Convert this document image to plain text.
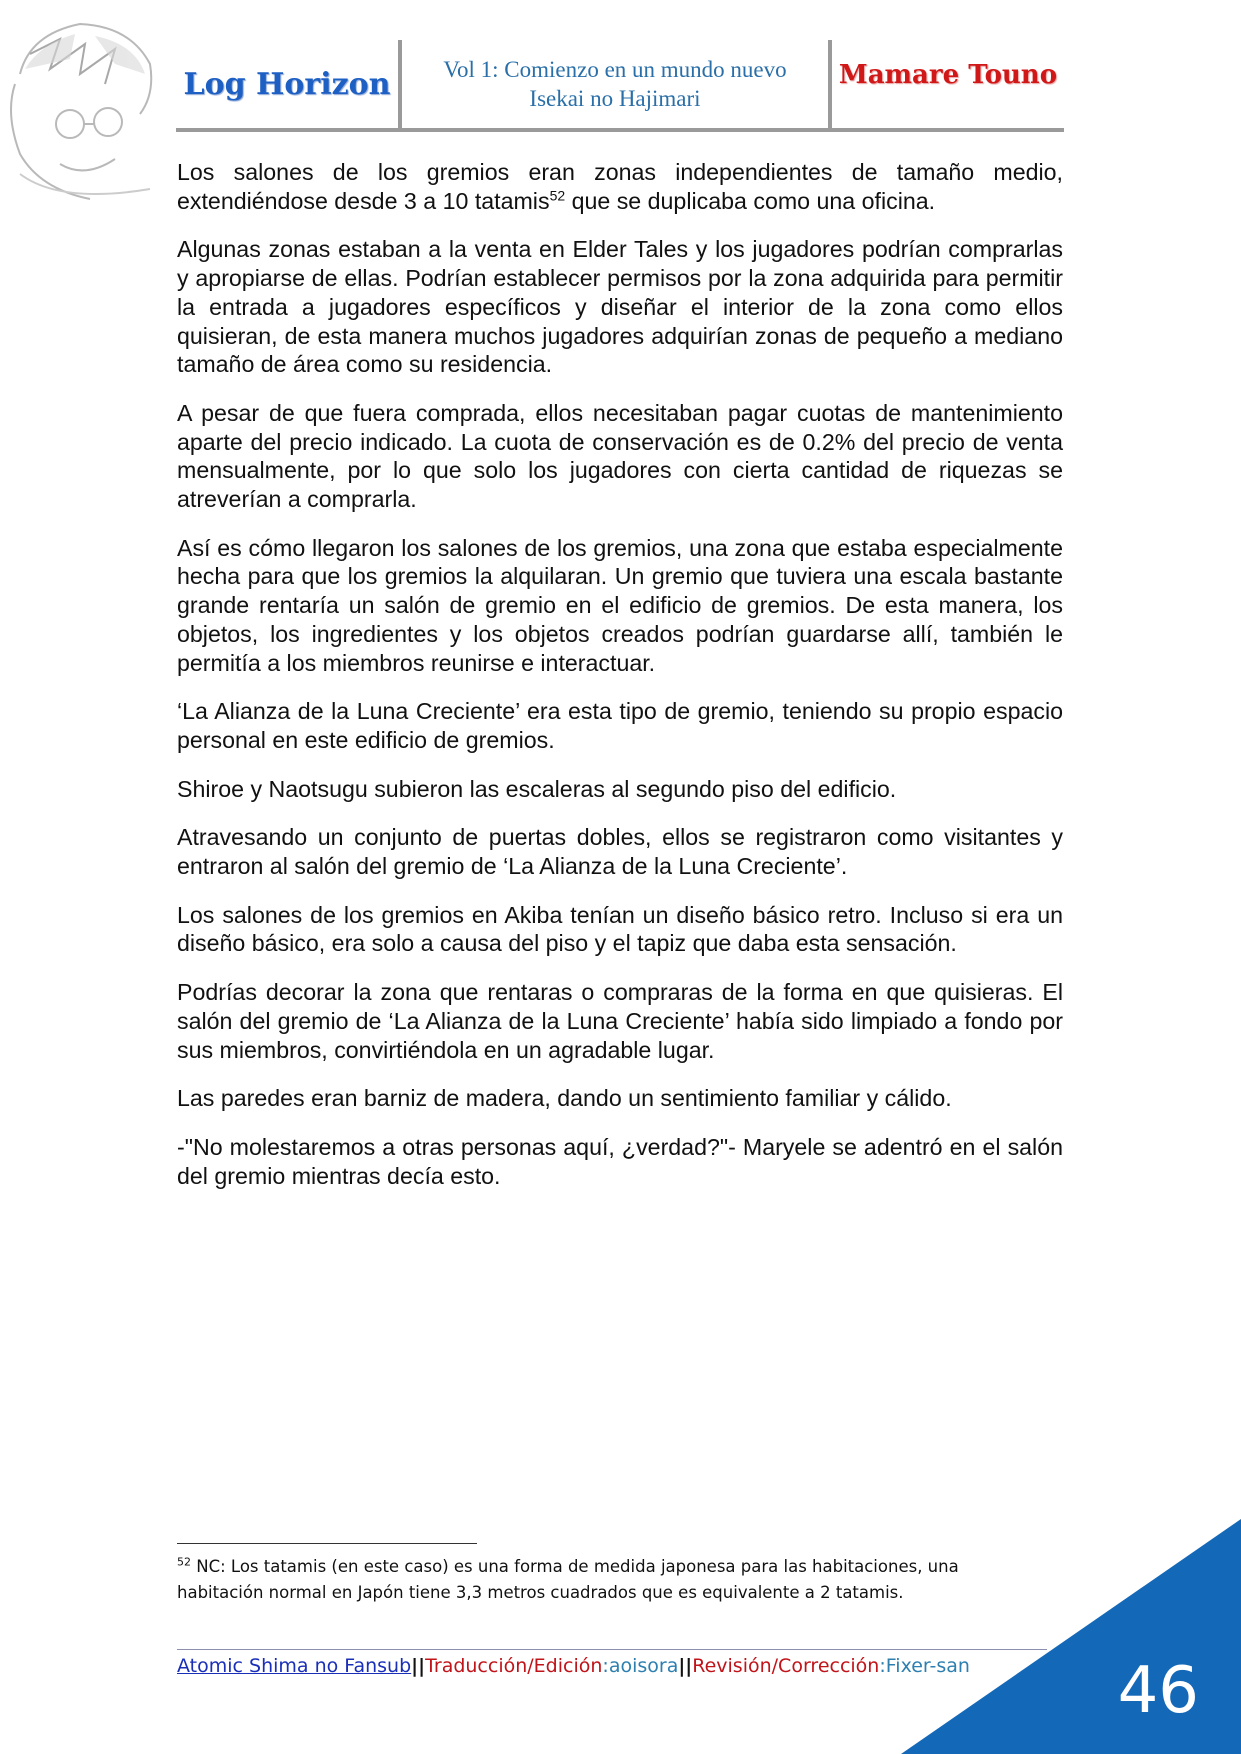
Log Horizon	Vol 1: Comienzo en un mundo nuevo
Isekai no Hajimari
Mamare Touno

Los salones de los gremios eran zonas independientes de tamaño medio, extendiéndose desde 3 a 10 tatamis$^{52}$ que se duplicaba como una oficina.

Algunas zonas estaban a la venta en Elder Tales y los jugadores podrían comprarlas y apropiarse de ellas. Podrían establecer permisos por la zona adquirida para permitir la entrada a jugadores específicos y diseñar el interior de la zona como ellos quisieran, de esta manera muchos jugadores adquirían zonas de pequeño a mediano tamaño de área como su residencia.

A pesar de que fuera comprada, ellos necesitaban pagar cuotas de mantenimiento aparte del precio indicado. La cuota de conservación es de 0.2% del precio de venta mensualmente, por lo que solo los jugadores con cierta cantidad de riquezas se atreverían a comprarla.

Así es cómo llegaron los salones de los gremios, una zona que estaba especialmente hecha para que los gremios la alquilaran. Un gremio que tuviera una escala bastante grande rentaría un salón de gremio en el edificio de gremios. De esta manera, los objetos, los ingredientes y los objetos creados podrían guardarse allí, también le permitía a los miembros reunirse e interactuar.

‘La Alianza de la Luna Creciente’ era esta tipo de gremio, teniendo su propio espacio personal en este edificio de gremios.

Shiroe y Naotsugu subieron las escaleras al segundo piso del edificio.

Atravesando un conjunto de puertas dobles, ellos se registraron como visitantes y entraron al salón del gremio de ‘La Alianza de la Luna Creciente’.

Los salones de los gremios en Akiba tenían un diseño básico retro. Incluso si era un diseño básico, era solo a causa del piso y el tapiz que daba esta sensación.

Podrías decorar la zona que rentaras o compraras de la forma en que quisieras. El salón del gremio de ‘La Alianza de la Luna Creciente’ había sido limpiado a fondo por sus miembros, convirtiéndola en un agradable lugar.

Las paredes eran barniz de madera, dando un sentimiento familiar y cálido.

-"No molestaremos a otras personas aquí, ¿verdad?"- Maryele se adentró en el salón del gremio mientras decía esto.

$^{52}$ NC: Los tatamis (en este caso) es una forma de medida japonesa para las habitaciones, una habitación normal en Japón tiene 3,3 metros cuadrados que es equivalente a 2 tatamis.
Atomic Shima no Fansub||Traducción/Edición:aoisora||Revisión/Corrección:Fixer-san 46
